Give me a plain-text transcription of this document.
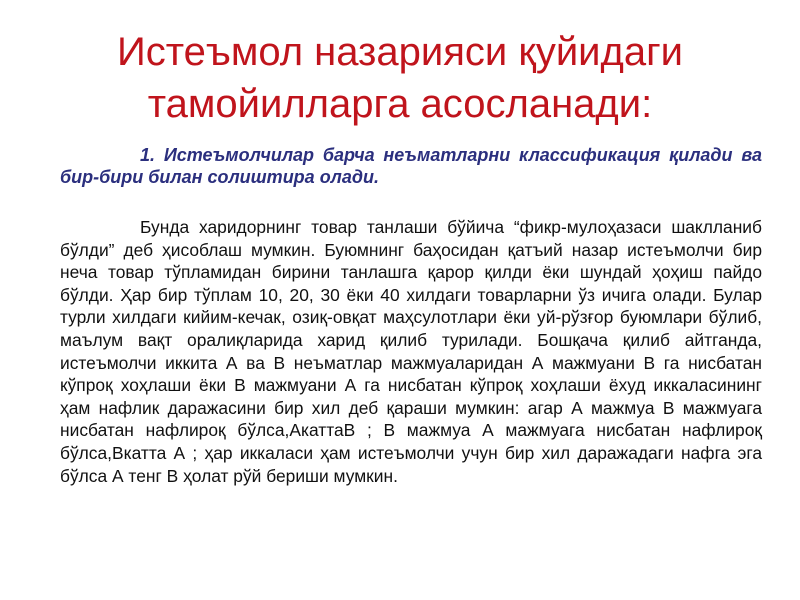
Истеъмол назарияси қуйидаги тамойилларга асосланади:

1. Истеъмолчилар барча неъматларни классификация қилади ва бир-бири билан солиштира олади.

Бунда харидорнинг товар танлаши бўйича “фикр-мулоҳазаси шаклланиб бўлди” деб ҳисоблаш мумкин. Буюмнинг баҳосидан қатъий назар истеъмолчи бир неча товар тўпламидан бирини танлашга қарор қилди ёки шундай ҳоҳиш пайдо бўлди. Ҳар бир тўплам 10, 20, 30 ёки 40 хилдаги товарларни ўз ичига олади. Булар турли хилдаги кийим-кечак, озиқ-овқат маҳсулотлари ёки уй-рўзғор буюмлари бўлиб, маълум вақт оралиқларида харид қилиб турилади. Бошқача қилиб айтганда, истеъмолчи иккита А ва В неъматлар мажмуаларидан А мажмуани В га нисбатан кўпроқ хоҳлаши ёки В мажмуани А га нисбатан кўпроқ хоҳлаши ёхуд иккаласининг ҳам нафлик даражасини бир хил деб қараши мумкин: агар А мажмуа В мажмуага нисбатан нафлироқ бўлса,АкаттаВ ; В мажмуа А мажмуага нисбатан нафлироқ бўлса,Вкатта А ; ҳар иккаласи ҳам истеъмолчи учун бир хил даражадаги нафга эга бўлса А тенг В ҳолат рўй бериши мумкин.
